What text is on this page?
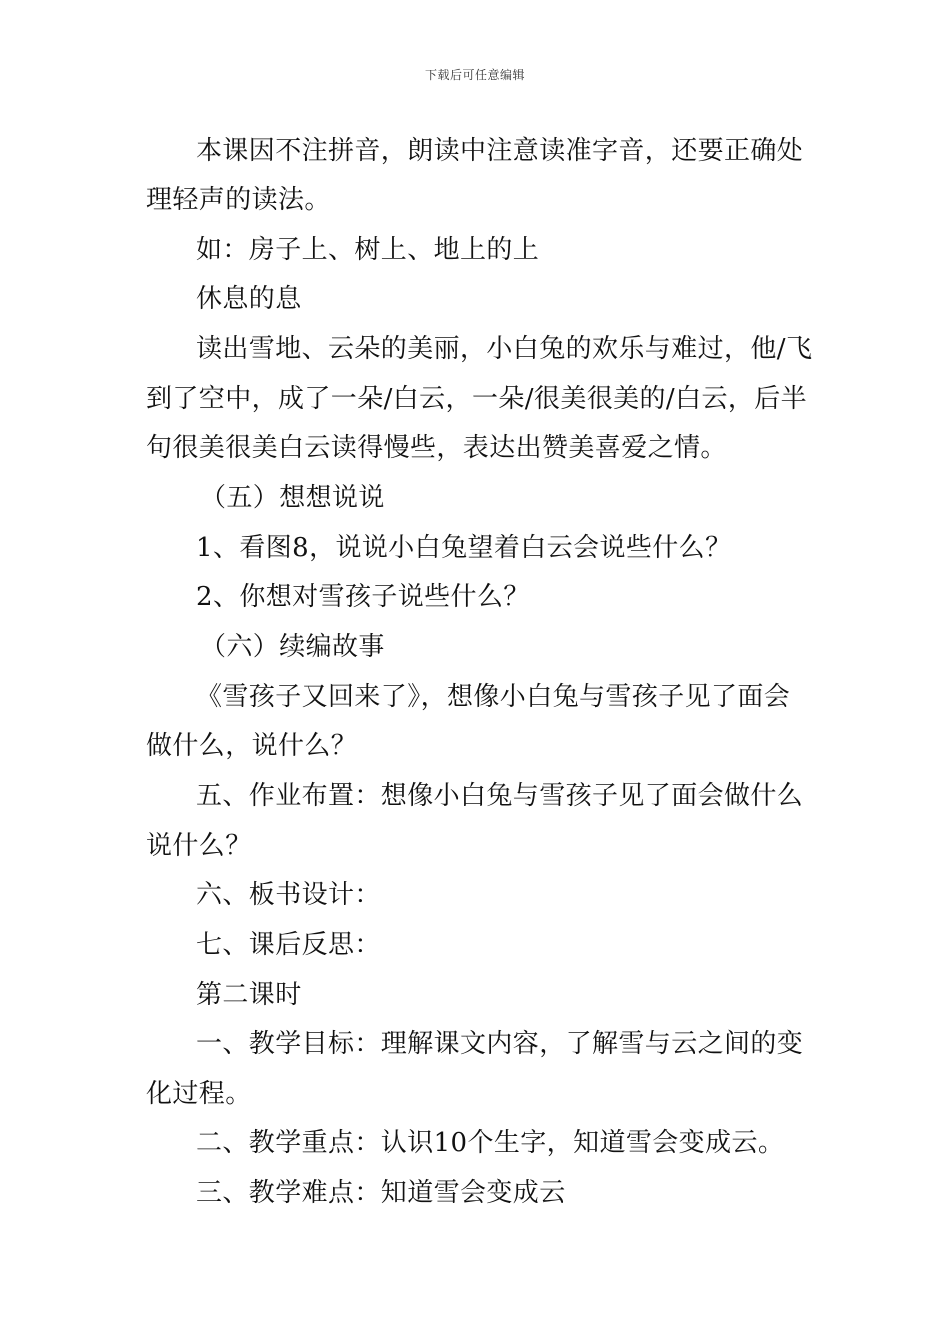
下载后可任意编辑
本课因不注拼音，朗读中注意读准字音，还要正确处
理轻声的读法。
如：房子上、树上、地上的上
休息的息
读出雪地、云朵的美丽，小白兔的欢乐与难过，他/飞
到了空中，成了一朵/白云，一朵/很美很美的/白云，后半
句很美很美白云读得慢些，表达出赞美喜爱之情。
（五）想想说说
1、看图8，说说小白兔望着白云会说些什么？
2、你想对雪孩子说些什么？
（六）续编故事
《雪孩子又回来了》，想像小白兔与雪孩子见了面会
做什么，说什么？
五、作业布置：想像小白兔与雪孩子见了面会做什么
说什么？
六、板书设计：
七、课后反思：
第二课时
一、教学目标：理解课文内容，了解雪与云之间的变
化过程。
二、教学重点：认识10个生字，知道雪会变成云。
三、教学难点：知道雪会变成云
